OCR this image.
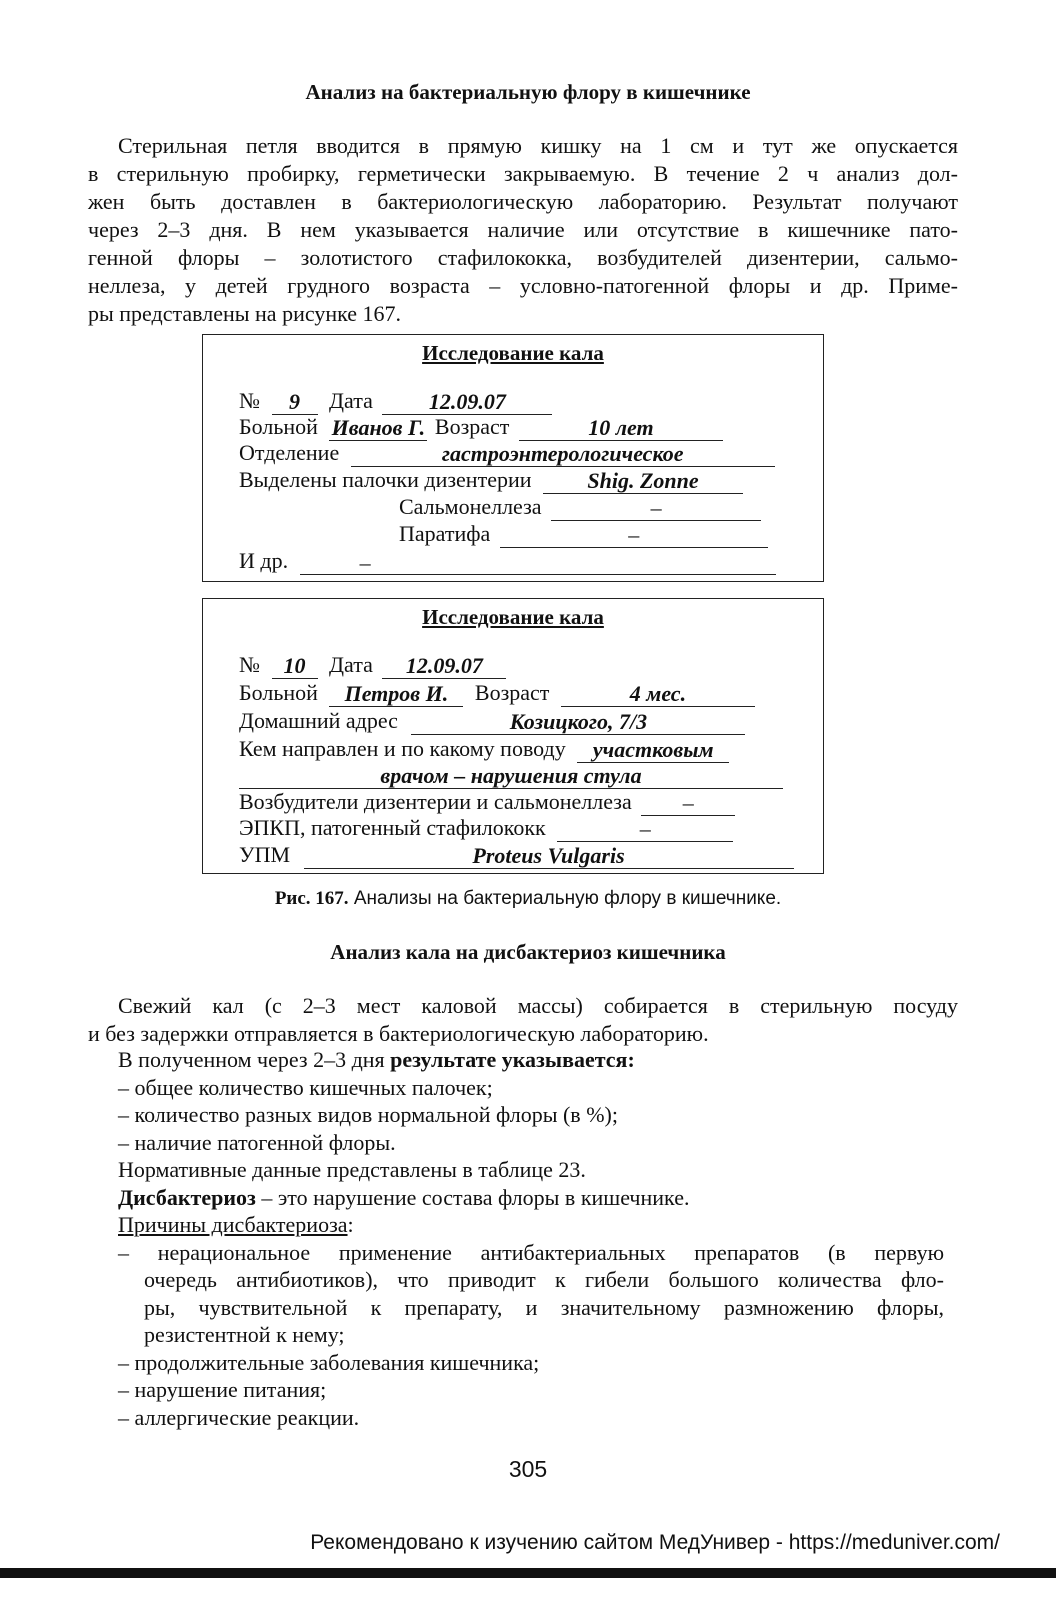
Анализ на бактериальную флору в кишечнике
Стерильная петля вводится в прямую кишку на 1 см и тут же опускается
в стерильную пробирку, герметически закрываемую. В течение 2 ч анализ дол-
жен быть доставлен в бактериологическую лабораторию. Результат получают
через 2–3 дня. В нем указывается наличие или отсутствие в кишечнике пато-
генной флоры – золотистого стафилококка, возбудителей дизентерии, сальмо-
неллеза, у детей грудного возраста – условно-патогенной флоры и др. Приме-
ры представлены на рисунке 167.
Исследование кала
№ 9 Дата	12.09.07
Больной Иванов Г. Возраст	10 лет
Отделение	гастроэнтерологическое
Выделены палочки дизентерии	Shig. Zonne
Сальмонеллеза	–
Паратифа	–
И др.	–
Исследование кала
№ 10 Дата 12.09.07
Больной Петров И. Возраст	4 мес.
Домашний адрес	Козицкого, 7/3
Кем направлен и по какому поводу участковым
врачом – нарушения стула
Возбудители дизентерии и сальмонеллеза –
ЭПКП, патогенный стафилококк	–
УПМ	Proteus Vulgaris
Рис. 167. Анализы на бактериальную флору в кишечнике.
Анализ кала на дисбактериоз кишечника
Свежий кал (с 2–3 мест каловой массы) собирается в стерильную посуду
и без задержки отправляется в бактериологическую лабораторию.
В полученном через 2–3 дня результате указывается:
– общее количество кишечных палочек;
– количество разных видов нормальной флоры (в %);
– наличие патогенной флоры.
Нормативные данные представлены в таблице 23.
Дисбактериоз – это нарушение состава флоры в кишечнике.
Причины дисбактериоза:
– нерациональное применение антибактериальных препаратов (в первую
очередь антибиотиков), что приводит к гибели большого количества фло-
ры, чувствительной к препарату, и значительному размножению флоры,
резистентной к нему;
– продолжительные заболевания кишечника;
– нарушение питания;
– аллергические реакции.
305
Рекомендовано к изучению сайтом МедУнивер - https://meduniver.com/
